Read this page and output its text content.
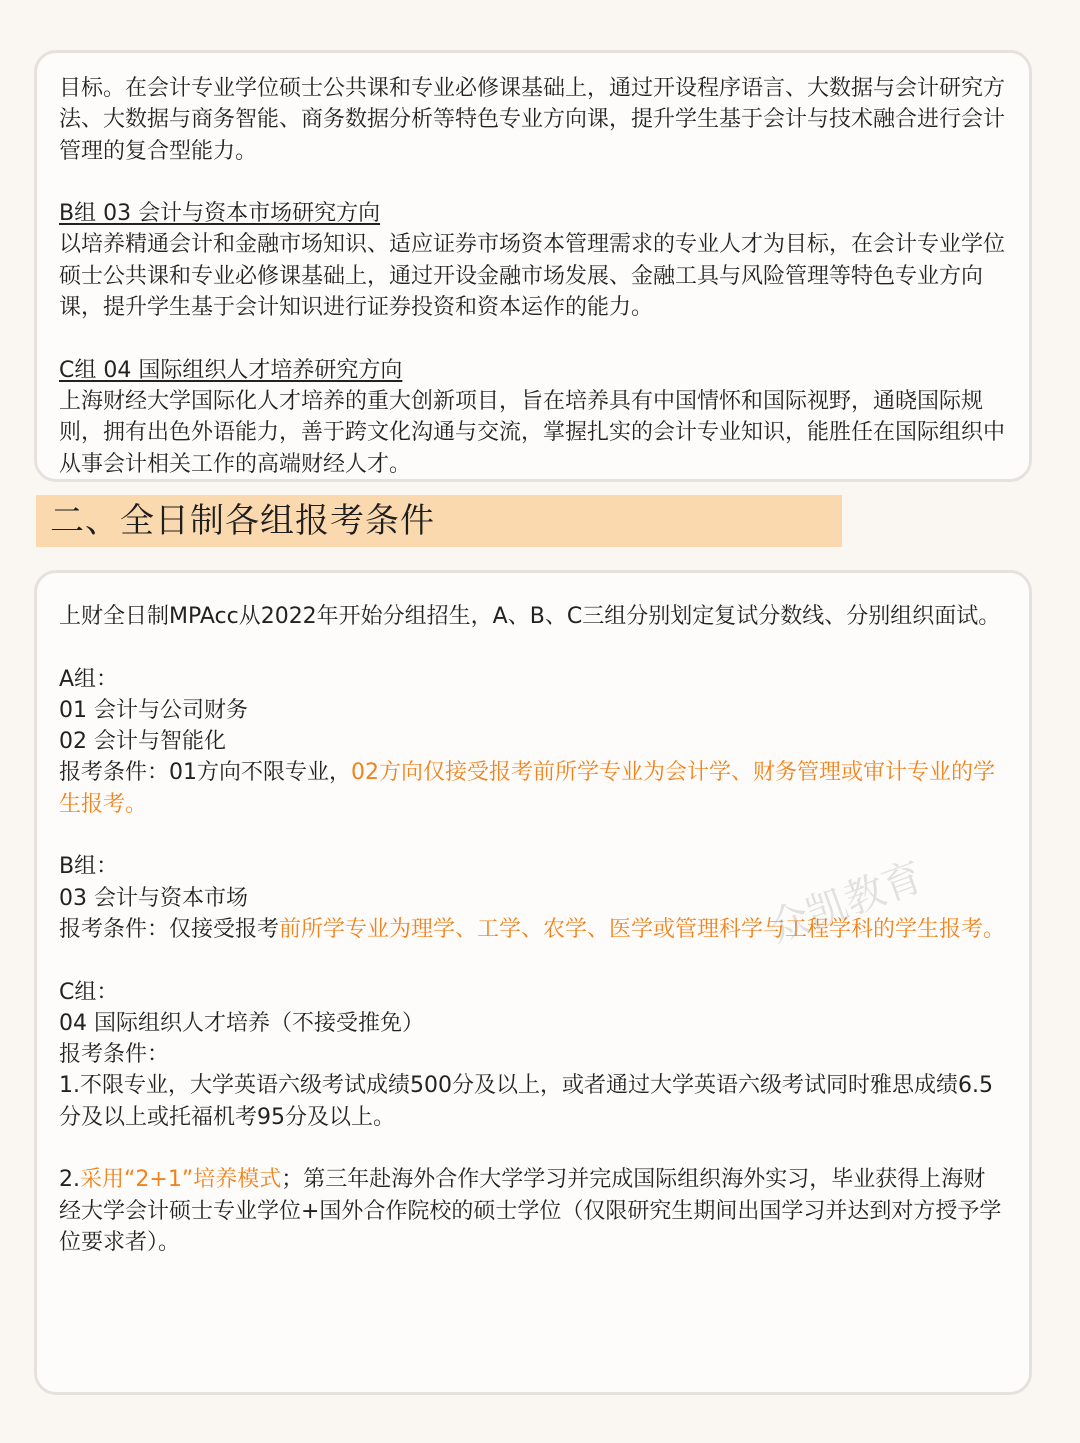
目标。在会计专业学位硕士公共课和专业必修课基础上，通过开设程序语言、大数据与会计研究方法、大数据与商务智能、商务数据分析等特色专业方向课，提升学生基于会计与技术融合进行会计管理的复合型能力。

B组 03 会计与资本市场研究方向

以培养精通会计和金融市场知识、适应证券市场资本管理需求的专业人才为目标，在会计专业学位硕士公共课和专业必修课基础上，通过开设金融市场发展、金融工具与风险管理等特色专业方向课，提升学生基于会计知识进行证券投资和资本运作的能力。

C组 04 国际组织人才培养研究方向

上海财经大学国际化人才培养的重大创新项目，旨在培养具有中国情怀和国际视野，通晓国际规则，拥有出色外语能力，善于跨文化沟通与交流，掌握扎实的会计专业知识，能胜任在国际组织中从事会计相关工作的高端财经人才。

二、全日制各组报考条件

上财全日制MPAcc从2022年开始分组招生，A、B、C三组分别划定复试分数线、分别组织面试。

A组：

01 会计与公司财务

02 会计与智能化

报考条件：01方向不限专业，02方向仅接受报考前所学专业为会计学、财务管理或审计专业的学生报考。

B组：

03 会计与资本市场

报考条件：仅接受报考前所学专业为理学、工学、农学、医学或管理科学与工程学科的学生报考。

C组：

04 国际组织人才培养（不接受推免）

报考条件：

1.不限专业，大学英语六级考试成绩500分及以上，或者通过大学英语六级考试同时雅思成绩6.5分及以上或托福机考95分及以上。

2.采用“2+1”培养模式；第三年赴海外合作大学学习并完成国际组织海外实习，毕业获得上海财经大学会计硕士专业学位+国外合作院校的硕士学位（仅限研究生期间出国学习并达到对方授予学位要求者）。

众凯教育
